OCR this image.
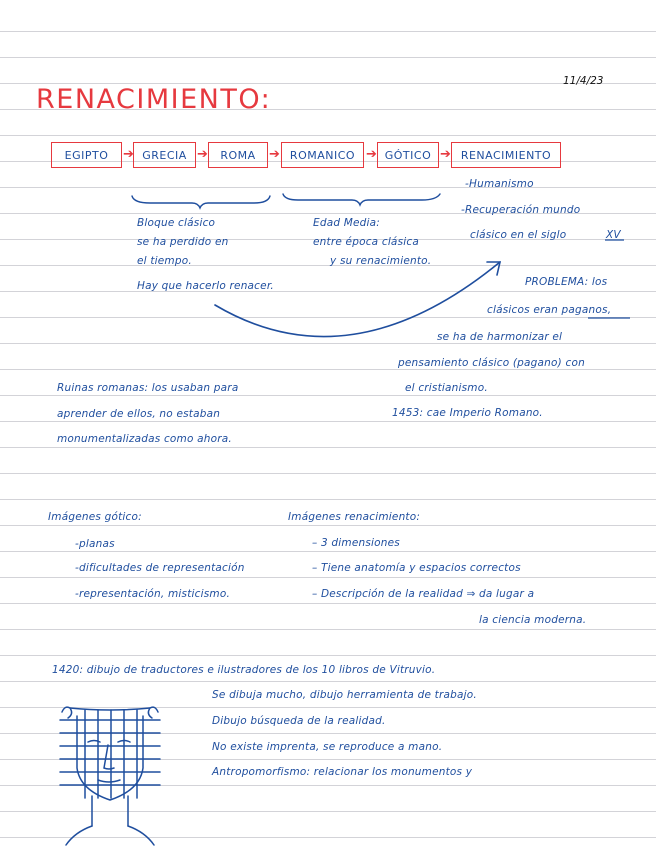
RENACIMIENTO:
11/4/23
EGIPTO	➔ GRECIA ➔	ROMA	➔ ROMANICO ➔ GÓTICO ➔ RENACIMIENTO
-Humanismo
-Recuperación mundo
clásico en el siglo	XV
Bloque clásico
se ha perdido en
el tiempo.
Hay que hacerlo renacer.
Edad Media:
entre época clásica
y su renacimiento.
PROBLEMA: los
clásicos eran paganos,
se ha de harmonizar el
pensamiento clásico (pagano) con
el cristianismo.
1453: cae Imperio Romano.
Ruinas romanas: los usaban para
aprender de ellos, no estaban
monumentalizadas como ahora.
Imágenes gótico:
-planas
-dificultades de representación
-representación, misticismo.
Imágenes renacimiento:
– 3 dimensiones
– Tiene anatomía y espacios correctos
– Descripción de la realidad ⇒ da lugar a
la ciencia moderna.
1420: dibujo de traductores e ilustradores de los 10 libros de Vitruvio.
Se dibuja mucho, dibujo herramienta de trabajo.
Dibujo búsqueda de la realidad.
No existe imprenta, se reproduce a mano.
Antropomorfismo: relacionar los monumentos y
